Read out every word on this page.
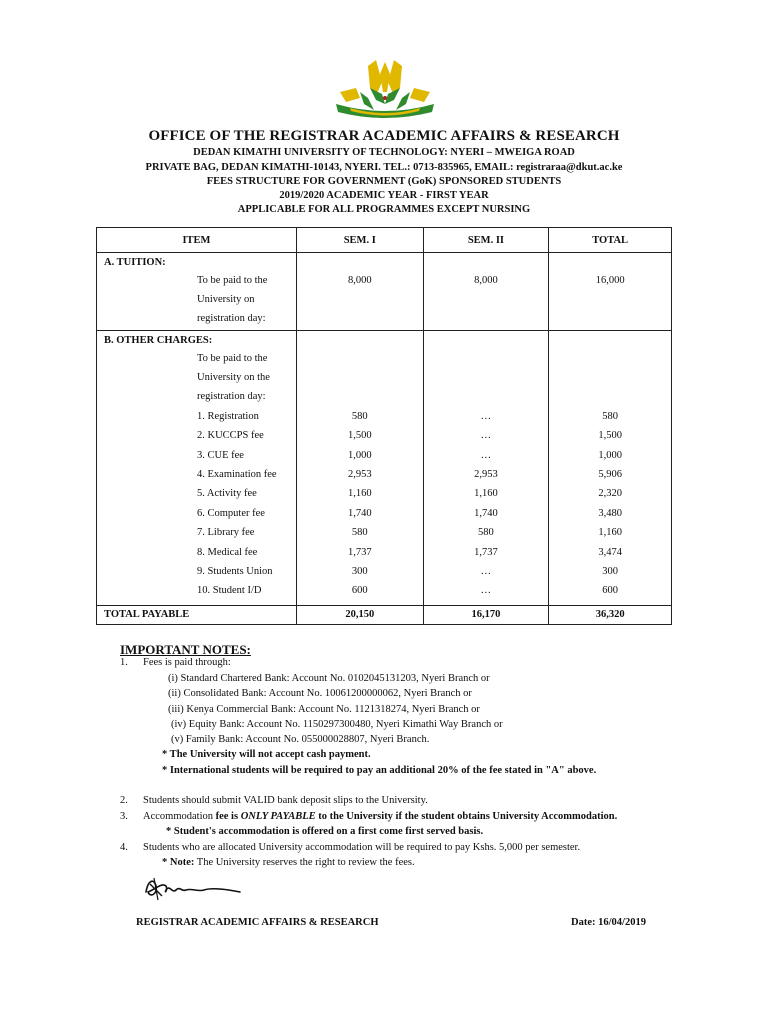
OFFICE OF THE REGISTRAR ACADEMIC AFFAIRS & RESEARCH
DEDAN KIMATHI UNIVERSITY OF TECHNOLOGY: NYERI – MWEIGA ROAD
PRIVATE BAG, DEDAN KIMATHI-10143, NYERI. TEL.: 0713-835965, EMAIL: registraraa@dkut.ac.ke
FEES STRUCTURE FOR GOVERNMENT (GoK) SPONSORED STUDENTS
2019/2020 ACADEMIC YEAR - FIRST YEAR
APPLICABLE FOR ALL PROGRAMMES EXCEPT NURSING
ITEM	SEM. I	SEM. II	TOTAL
A. TUITION:			
To be paid to the	8,000	8,000	16,000
University on			
registration day:			
B. OTHER CHARGES:			
To be paid to the			
University on the			
registration day:			
1. Registration	580	…	580
2. KUCCPS fee	1,500	…	1,500
3. CUE fee	1,000	…	1,000
4. Examination fee	2,953	2,953	5,906
5. Activity fee	1,160	1,160	2,320
6. Computer fee	1,740	1,740	3,480
7. Library fee	580	580	1,160
8. Medical fee	1,737	1,737	3,474
9. Students Union	300	…	300
10. Student I/D	600	…	600
TOTAL PAYABLE	20,150	16,170	36,320
IMPORTANT NOTES:
1. Fees is paid through:
(i) Standard Chartered Bank: Account No. 0102045131203, Nyeri Branch or
(ii) Consolidated Bank: Account No. 10061200000062, Nyeri Branch or
(iii) Kenya Commercial Bank: Account No. 1121318274, Nyeri Branch or
(iv) Equity Bank: Account No. 1150297300480, Nyeri Kimathi Way Branch or
(v) Family Bank: Account No. 055000028807, Nyeri Branch.
* The University will not accept cash payment.
* International students will be required to pay an additional 20% of the fee stated in "A" above.
2. Students should submit VALID bank deposit slips to the University.
3. Accommodation fee is ONLY PAYABLE to the University if the student obtains University Accommodation.
* Student's accommodation is offered on a first come first served basis.
4. Students who are allocated University accommodation will be required to pay Kshs. 5,000 per semester.
* Note: The University reserves the right to review the fees.
REGISTRAR ACADEMIC AFFAIRS & RESEARCH	Date: 16/04/2019
